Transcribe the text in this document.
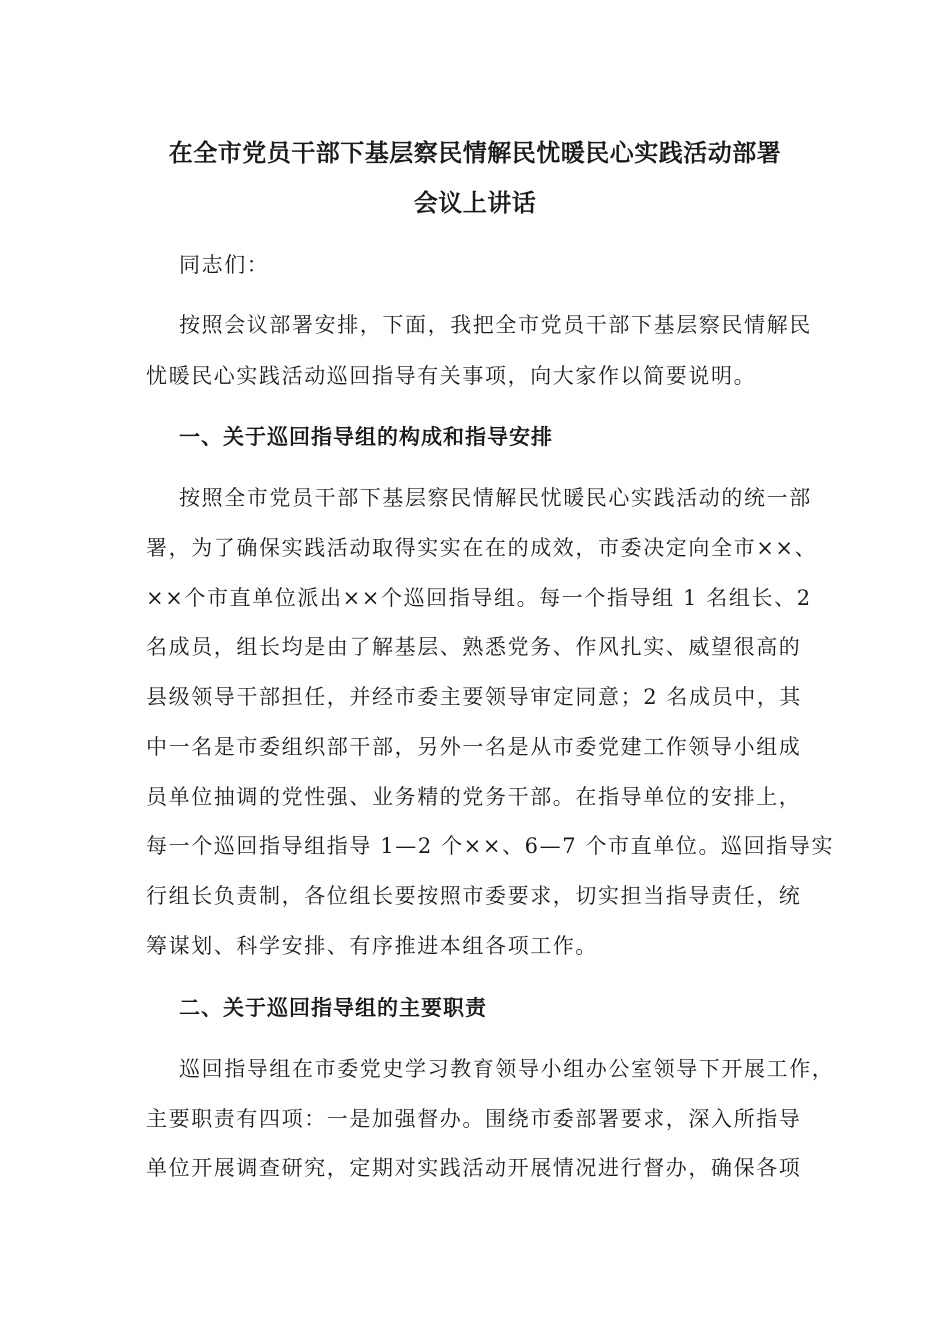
在全市党员干部下基层察民情解民忧暖民心实践活动部署
会议上讲话
同志们：
按照会议部署安排，下面，我把全市党员干部下基层察民情解民
忧暖民心实践活动巡回指导有关事项，向大家作以简要说明。
一、关于巡回指导组的构成和指导安排
按照全市党员干部下基层察民情解民忧暖民心实践活动的统一部
署，为了确保实践活动取得实实在在的成效，市委决定向全市××、
××个市直单位派出××个巡回指导组。每一个指导组 1 名组长、2
名成员，组长均是由了解基层、熟悉党务、作风扎实、威望很高的
县级领导干部担任，并经市委主要领导审定同意；2 名成员中，其
中一名是市委组织部干部，另外一名是从市委党建工作领导小组成
员单位抽调的党性强、业务精的党务干部。在指导单位的安排上，
每一个巡回指导组指导 1—2 个××、6—7 个市直单位。巡回指导实
行组长负责制，各位组长要按照市委要求，切实担当指导责任，统
筹谋划、科学安排、有序推进本组各项工作。
二、关于巡回指导组的主要职责
巡回指导组在市委党史学习教育领导小组办公室领导下开展工作，
主要职责有四项：一是加强督办。围绕市委部署要求，深入所指导
单位开展调查研究，定期对实践活动开展情况进行督办，确保各项
